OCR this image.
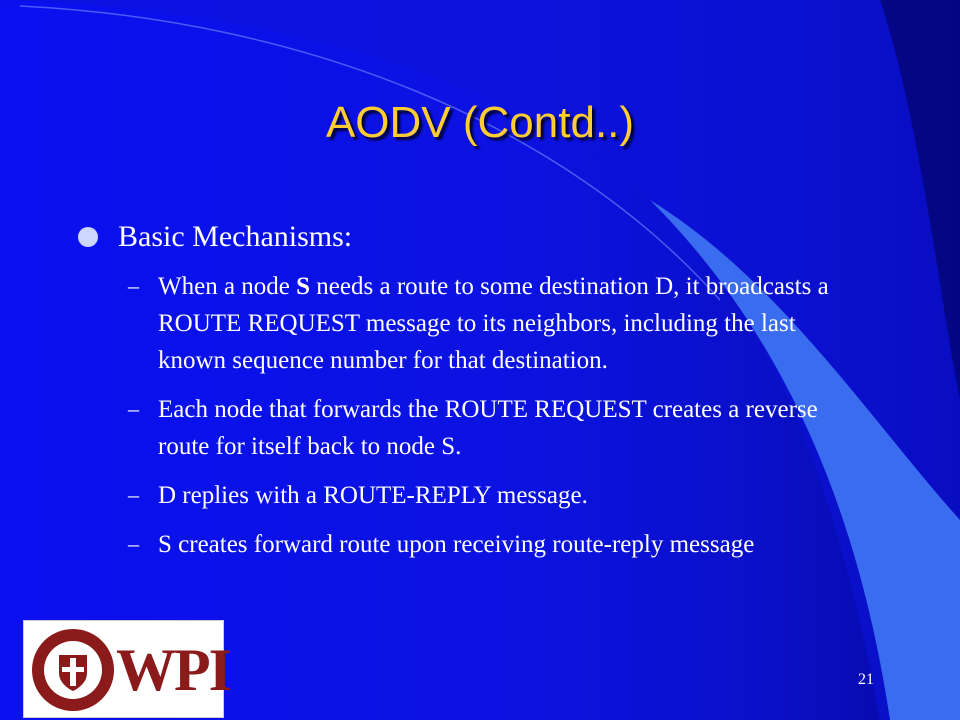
AODV (Contd..)
Basic Mechanisms:
– When a node S needs a route to some destination D, it broadcasts a ROUTE REQUEST message to its neighbors, including the last known sequence number for that destination.
– Each node that forwards the ROUTE REQUEST creates a reverse route for itself back to node S.
– D replies with a ROUTE-REPLY message.
– S creates forward route upon receiving route-reply message
WPI	21
